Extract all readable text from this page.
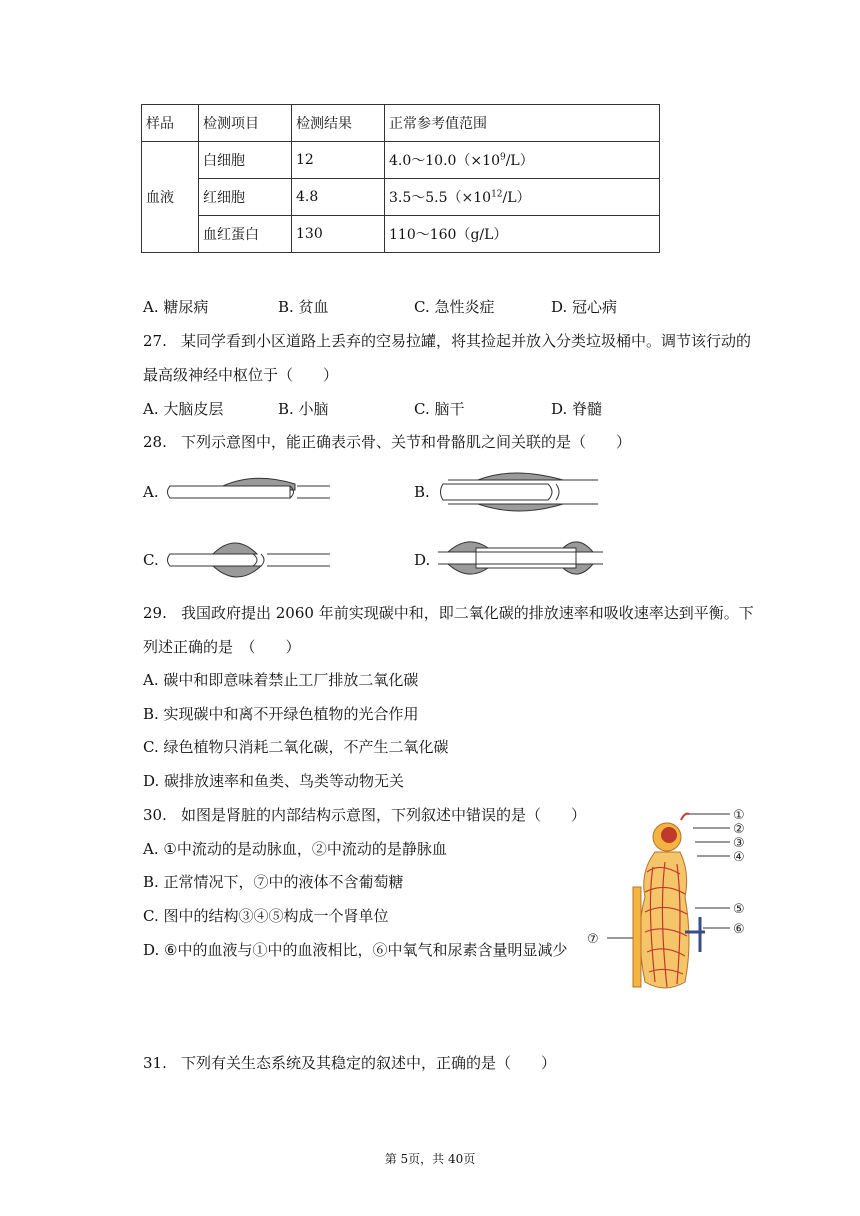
样品	检测项目	检测结果	正常参考值范围
血液	白细胞	12	$4.0\sim 10.0(\times 10^9/L)$
	红细胞	4.8	$3.5\sim 5.5(\times 10^{12}/L)$
	血红蛋白	130	110～160（g/L）
A. 糖尿病	B. 贫血	C. 急性炎症	D. 冠心病
27. 某同学看到小区道路上丢弃的空易拉罐，将其捡起并放入分类垃圾桶中。调节该行动的
最高级神经中枢位于（　　）
A. 大脑皮层	B. 小脑	C. 脑干	D. 脊髓
28. 下列示意图中，能正确表示骨、关节和骨骼肌之间关联的是（　　）
A.	B.
C.	D.
29. 我国政府提出 2060 年前实现碳中和，即二氧化碳的排放速率和吸收速率达到平衡。下
列述正确的是　（　　）
A. 碳中和即意味着禁止工厂排放二氧化碳
B. 实现碳中和离不开绿色植物的光合作用
C. 绿色植物只消耗二氧化碳，不产生二氧化碳
D. 碳排放速率和鱼类、鸟类等动物无关
30. 如图是肾脏的内部结构示意图，下列叙述中错误的是（　　）
A. ①中流动的是动脉血，②中流动的是静脉血
B. 正常情况下，⑦中的液体不含葡萄糖
C. 图中的结构③④⑤构成一个肾单位
D. ⑥中的血液与①中的血液相比，⑥中氧气和尿素含量明显减少
①
②
③
④
⑤
⑥
⑦
31. 下列有关生态系统及其稳定的叙述中，正确的是（　　）
第 5页，共 40页
